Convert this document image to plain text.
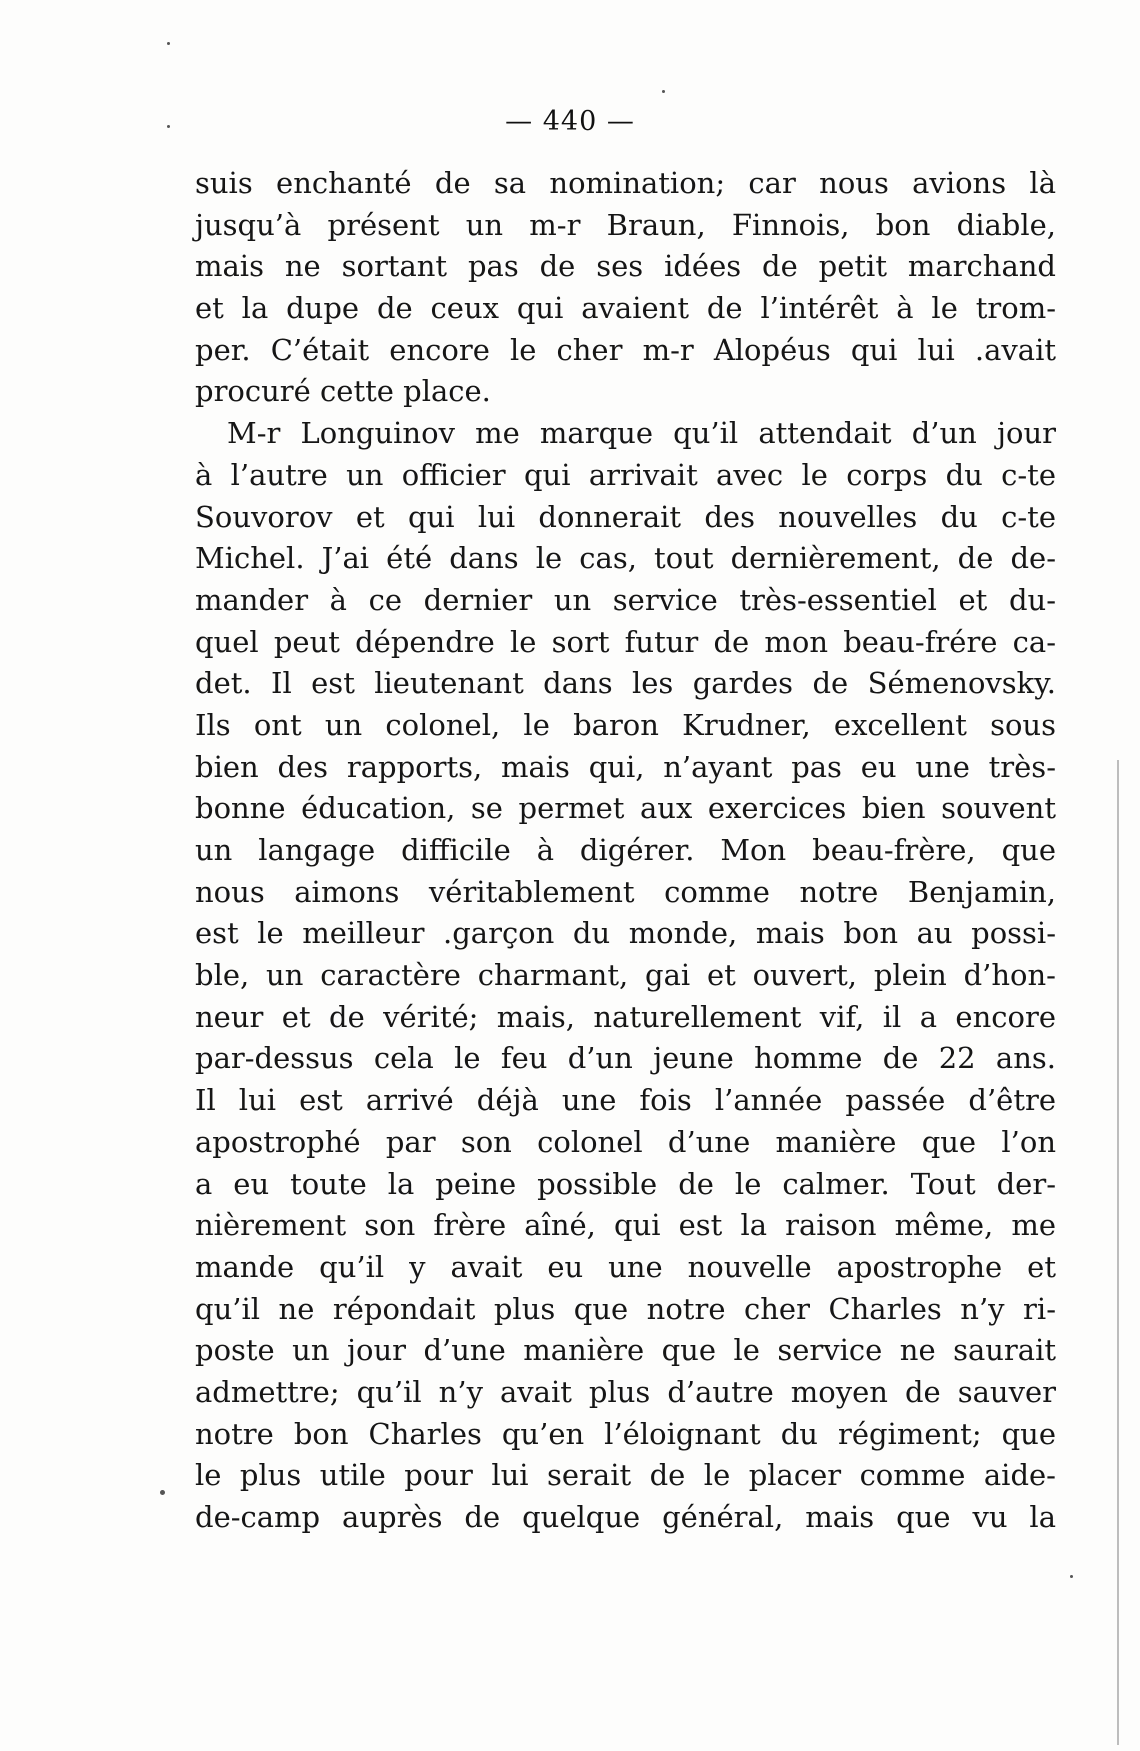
— 440 —
suis enchanté de sa nomination; car nous avions là
jusqu’à présent un m-r Braun, Finnois, bon diable,
mais ne sortant pas de ses idées de petit marchand
et la dupe de ceux qui avaient de l’intérêt à le trom-
per. C’était encore le cher m-r Alopéus qui lui .avait
procuré cette place.
M-r Longuinov me marque qu’il attendait d’un jour
à l’autre un officier qui arrivait avec le corps du c-te
Souvorov et qui lui donnerait des nouvelles du c-te
Michel. J’ai été dans le cas, tout dernièrement, de de-
mander à ce dernier un service très-essentiel et du-
quel peut dépendre le sort futur de mon beau-frére ca-
det. Il est lieutenant dans les gardes de Sémenovsky.
Ils ont un colonel, le baron Krudner, excellent sous
bien des rapports, mais qui, n’ayant pas eu une très-
bonne éducation, se permet aux exercices bien souvent
un langage difficile à digérer. Mon beau-frère, que
nous aimons véritablement comme notre Benjamin,
est le meilleur .garçon du monde, mais bon au possi-
ble, un caractère charmant, gai et ouvert, plein d’hon-
neur et de vérité; mais, naturellement vif, il a encore
par-dessus cela le feu d’un jeune homme de 22 ans.
Il lui est arrivé déjà une fois l’année passée d’être
apostrophé par son colonel d’une manière que l’on
a eu toute la peine possible de le calmer. Tout der-
nièrement son frère aîné, qui est la raison même, me
mande qu’il y avait eu une nouvelle apostrophe et
qu’il ne répondait plus que notre cher Charles n’y ri-
poste un jour d’une manière que le service ne saurait
admettre; qu’il n’y avait plus d’autre moyen de sauver
notre bon Charles qu’en l’éloignant du régiment; que
le plus utile pour lui serait de le placer comme aide-
de-camp auprès de quelque général, mais que vu la
